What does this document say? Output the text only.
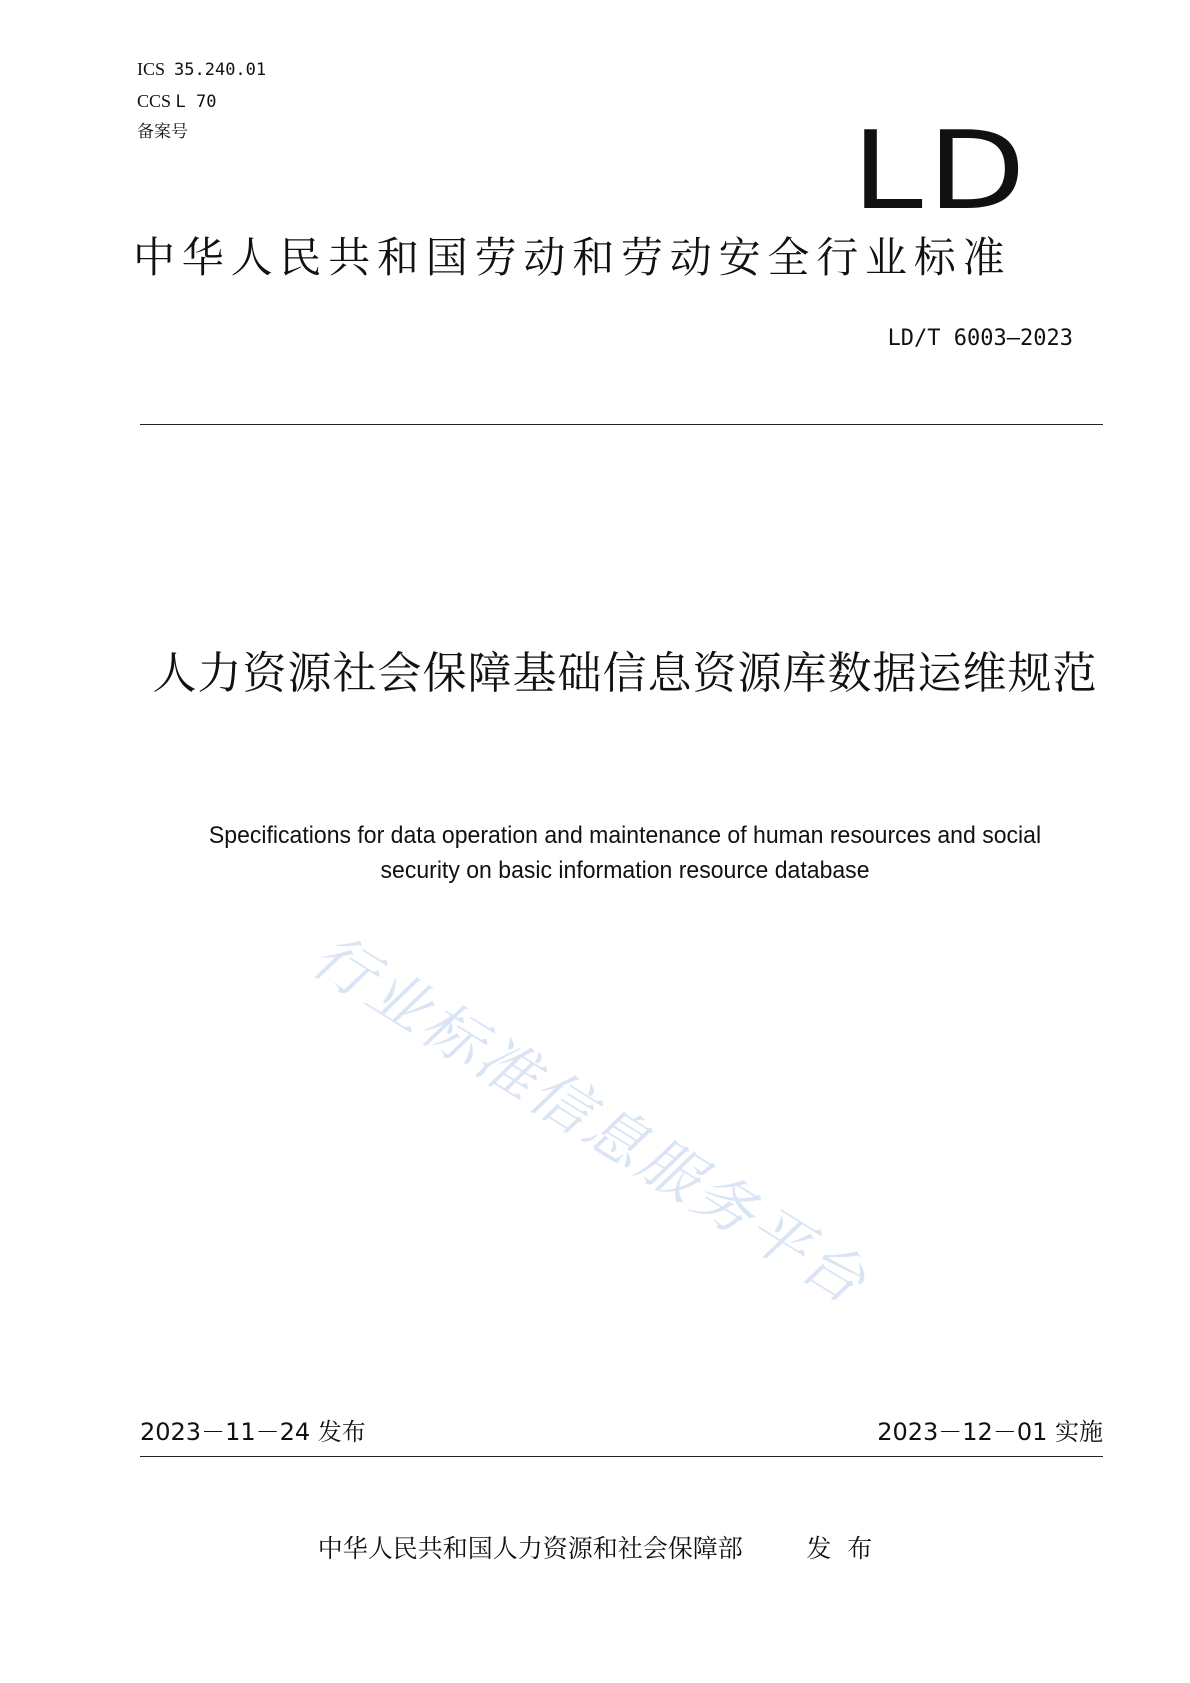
ICS 35.240.01
CCS L 70
备案号	LD
中华人民共和国劳动和劳动安全行业标准
LD/T 6003—2023
人力资源社会保障基础信息资源库数据运维规范
Specifications for data operation and maintenance of human resources and social security on basic information resource database
行业标准信息服务平台
2023－11－24 发布	2023－12－01 实施
中华人民共和国人力资源和社会保障部	发  布
